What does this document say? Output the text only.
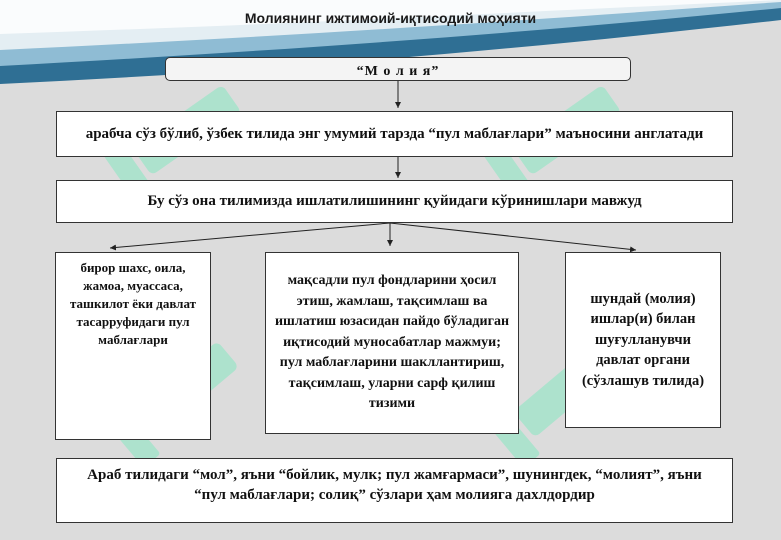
Молиянинг ижтимоий-иқтисодий моҳияти
“М о л и я”
арабча сўз бўлиб, ўзбек тилида энг умумий тарзда “пул маблағлари” маъносини англатади
Бу сўз она тилимизда ишлатилишининг қуйидаги кўринишлари мавжуд
бирор шахс, оила, жамоа, муассаса, ташкилот ёки давлат тасарруфидаги пул маблағлари
мақсадли пул фондларини ҳосил этиш, жамлаш, тақсимлаш ва ишлатиш юзасидан пайдо бўладиган иқтисодий муносабатлар мажмуи; пул маблағларини шакллантириш, тақсимлаш, уларни сарф қилиш тизими
шундай (молия) ишлар(и) билан шуғулланувчи давлат органи (сўзлашув тилида)
Араб тилидаги “мол”, яъни “бойлик, мулк; пул жамғармаси”, шунингдек, “молият”, яъни “пул маблағлари; солиқ” сўзлари ҳам молияга дахлдордир
